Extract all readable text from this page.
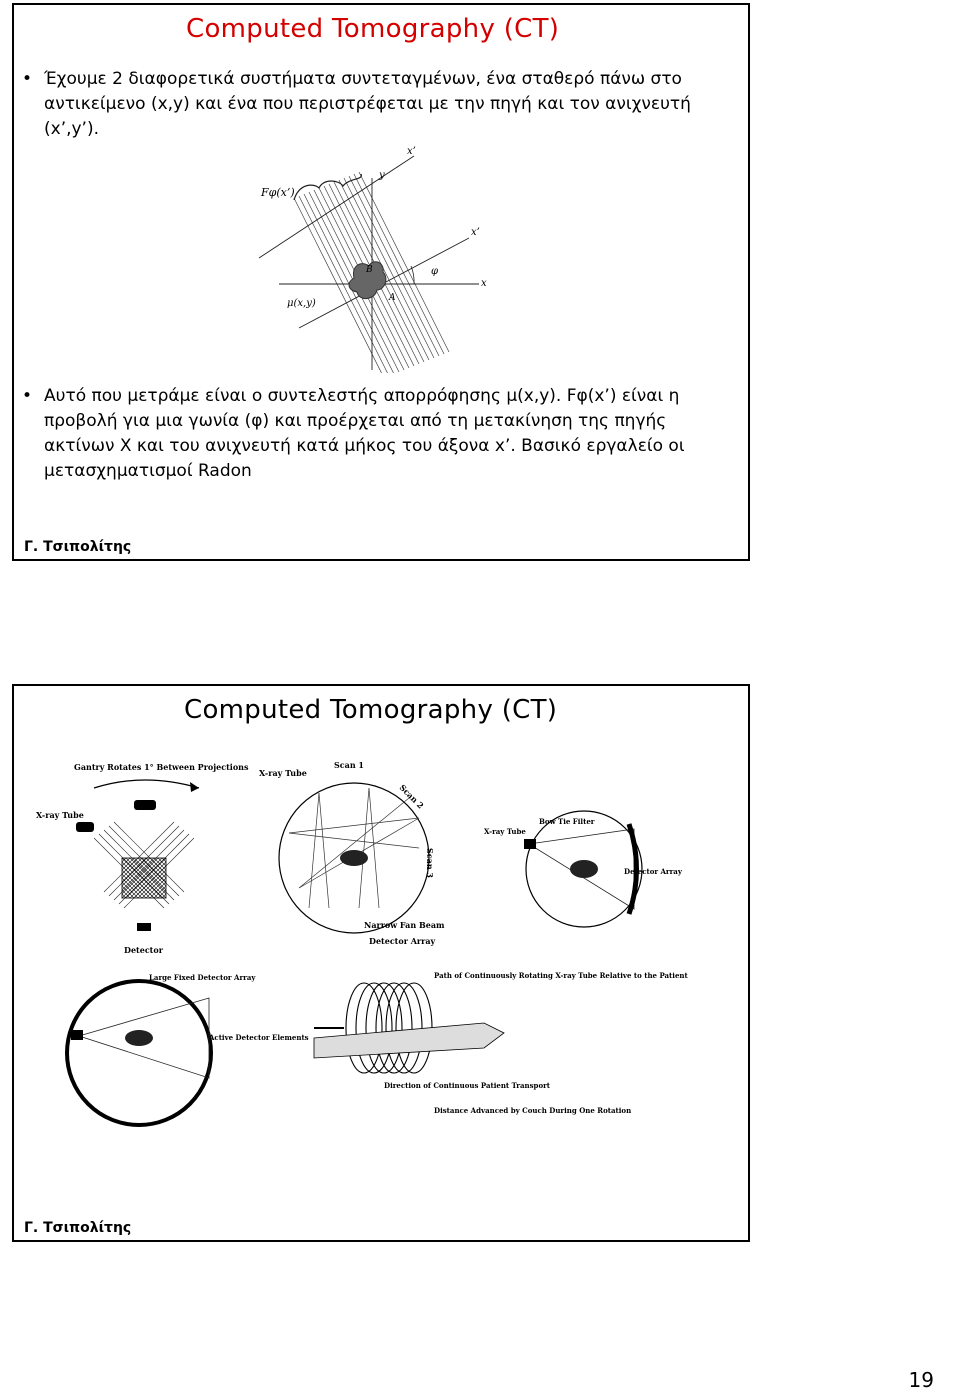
Computed Tomography (CT)
• Έχουμε 2 διαφορετικά συστήματα συντεταγμένων, ένα σταθερό πάνω στο αντικείμενο (x,y) και ένα που περιστρέφεται με την πηγή και τον ανιχνευτή (x’,y’).
Fφ(x’)
y
x’
x’
x
φ
B
A
μ(x,y)
• Αυτό που μετράμε είναι ο συντελεστής απορρόφησης μ(x,y). Fφ(x’) είναι η προβολή για μια γωνία (φ) και προέρχεται από τη μετακίνηση της πηγής ακτίνων X και του ανιχνευτή κατά μήκος του άξονα x’. Βασικό εργαλείο οι μετασχηματισμοί Radon
Γ. Τσιπολίτης
Computed Tomography (CT)
Gantry Rotates 1° Between Projections
X-ray Tube
Detector
X-ray Tube
Scan 1
Scan 2
Scan 3
Narrow Fan Beam
Detector Array
X-ray Tube
Bow Tie Filter
Detector Array
Large Fixed Detector Array
Active Detector Elements
Path of Continuously Rotating X-ray Tube Relative to the Patient
Direction of Continuous Patient Transport
Distance Advanced by Couch During One Rotation
Γ. Τσιπολίτης
19
